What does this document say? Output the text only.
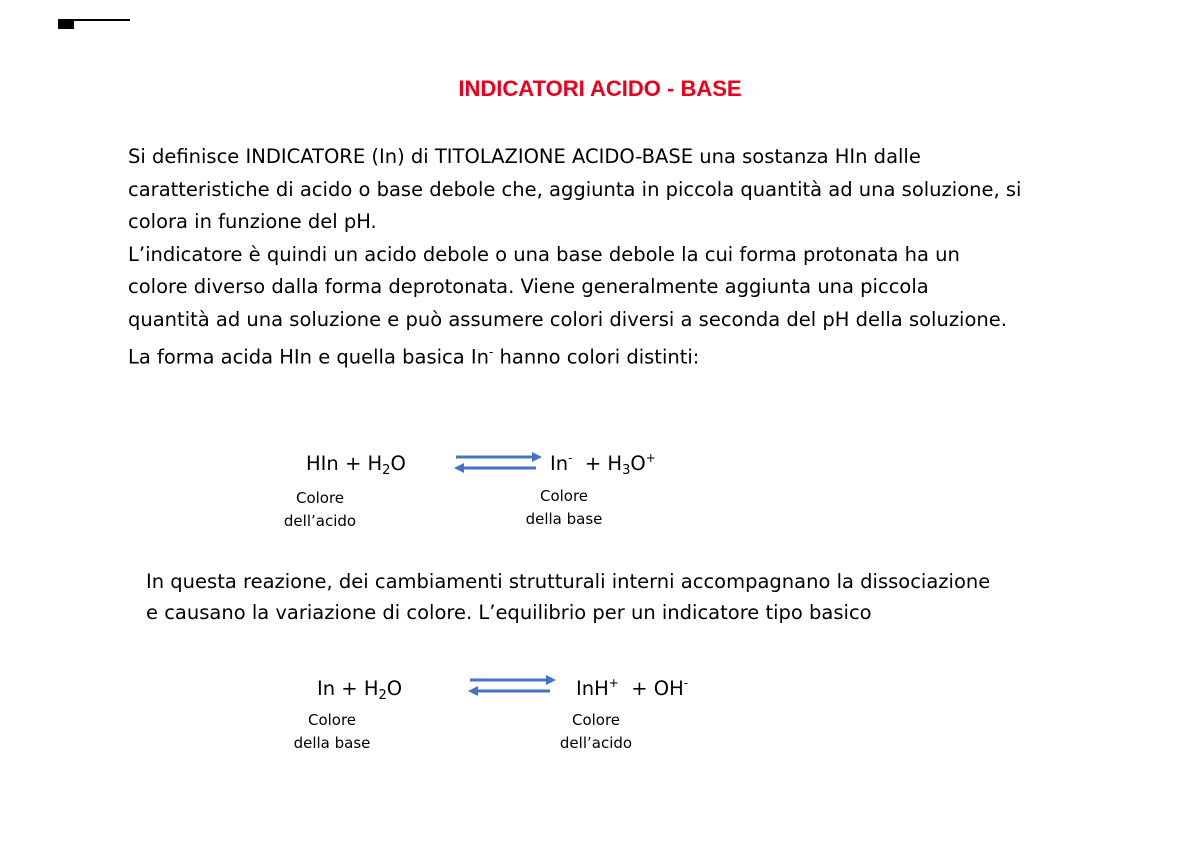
INDICATORI ACIDO - BASE

Si definisce INDICATORE (In) di TITOLAZIONE ACIDO-BASE una sostanza HIn dalle

caratteristiche di acido o base debole che, aggiunta in piccola quantità ad una soluzione, si

colora in funzione del pH.

L’indicatore è quindi un acido debole o una base debole la cui forma protonata ha un

colore diverso dalla forma deprotonata. Viene generalmente aggiunta una piccola

quantità ad una soluzione e può assumere colori diversi a seconda del pH della soluzione.

La forma acida HIn e quella basica In- hanno colori distinti:

HIn + $H_2O$	$In^- + H_3O^+$
Colore
dell’acido
Colore
della base

In questa reazione, dei cambiamenti strutturali interni accompagnano la dissociazione

e causano la variazione di colore. L’equilibrio per un indicatore tipo basico

$In + H_2O$	InH+  + OH-
Colore
della base
Colore
dell’acido
